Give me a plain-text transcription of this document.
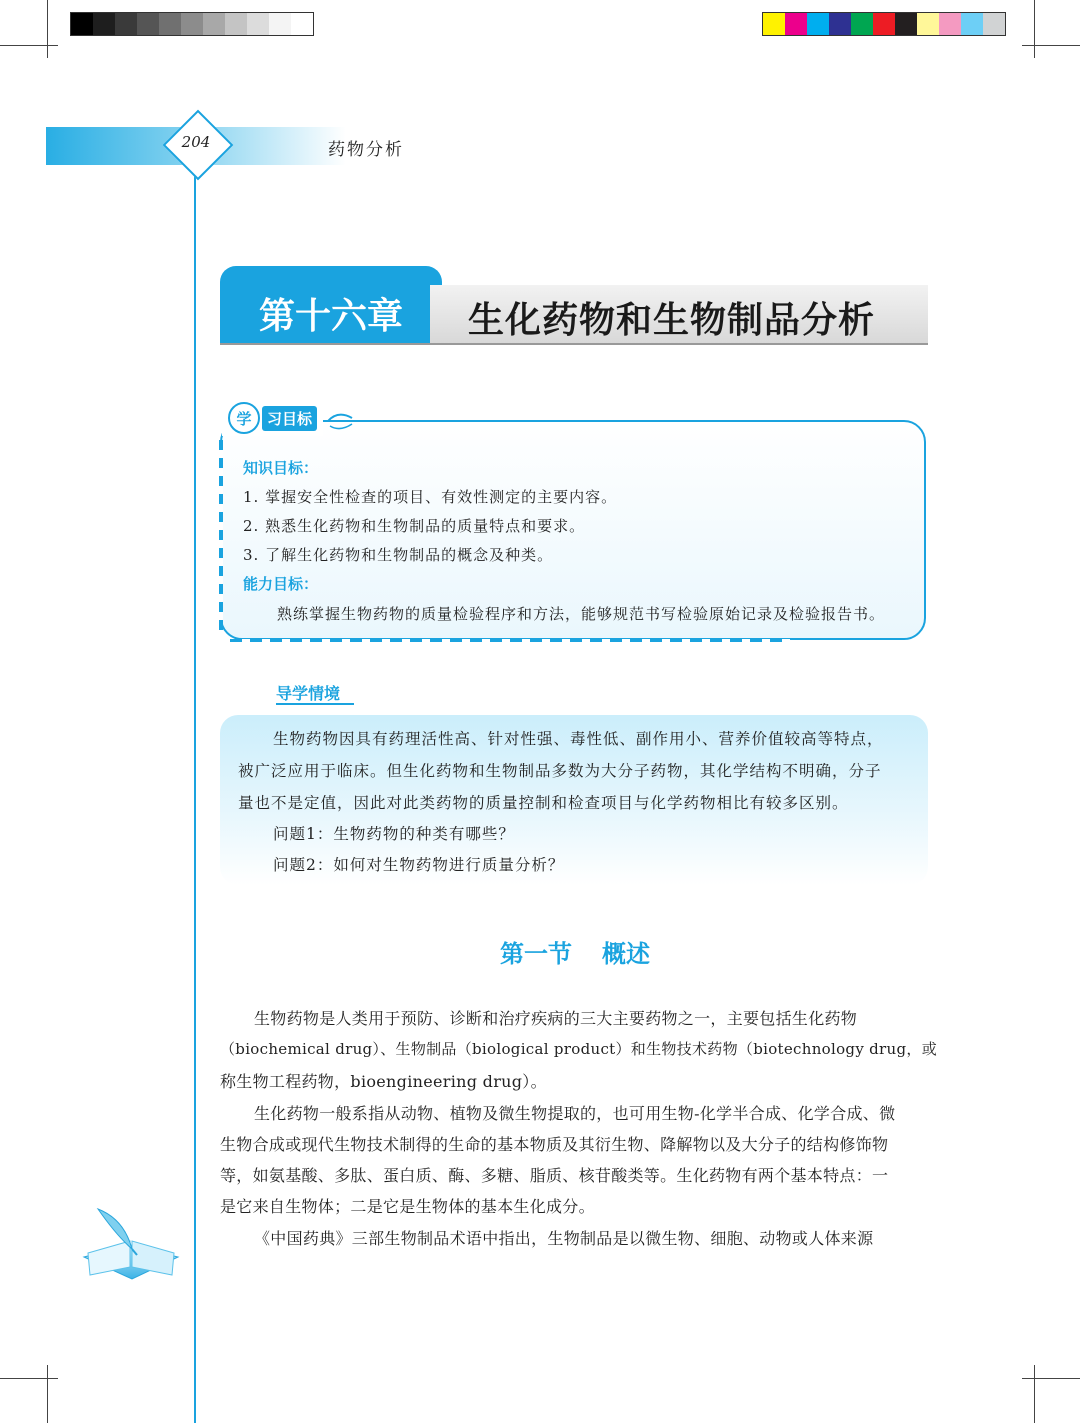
204	药物分析
第十六章	生化药物和生物制品分析
学	习目标
知识目标：
1. 掌握安全性检查的项目、有效性测定的主要内容。
2. 熟悉生化药物和生物制品的质量特点和要求。
3. 了解生化药物和生物制品的概念及种类。
能力目标：
熟练掌握生物药物的质量检验程序和方法，能够规范书写检验原始记录及检验报告书。
导学情境
生物药物因具有药理活性高、针对性强、毒性低、副作用小、营养价值较高等特点，
被广泛应用于临床。但生化药物和生物制品多数为大分子药物，其化学结构不明确，分子
量也不是定值，因此对此类药物的质量控制和检查项目与化学药物相比有较多区别。
问题1：生物药物的种类有哪些？
问题2：如何对生物药物进行质量分析？
第一节 概述
生物药物是人类用于预防、诊断和治疗疾病的三大主要药物之一，主要包括生化药物
（biochemical drug）、生物制品（biological product）和生物技术药物（biotechnology drug，或
称生物工程药物，bioengineering drug）。
生化药物一般系指从动物、植物及微生物提取的，也可用生物-化学半合成、化学合成、微
生物合成或现代生物技术制得的生命的基本物质及其衍生物、降解物以及大分子的结构修饰物
等，如氨基酸、多肽、蛋白质、酶、多糖、脂质、核苷酸类等。生化药物有两个基本特点：一
是它来自生物体；二是它是生物体的基本生化成分。
《中国药典》三部生物制品术语中指出，生物制品是以微生物、细胞、动物或人体来源
